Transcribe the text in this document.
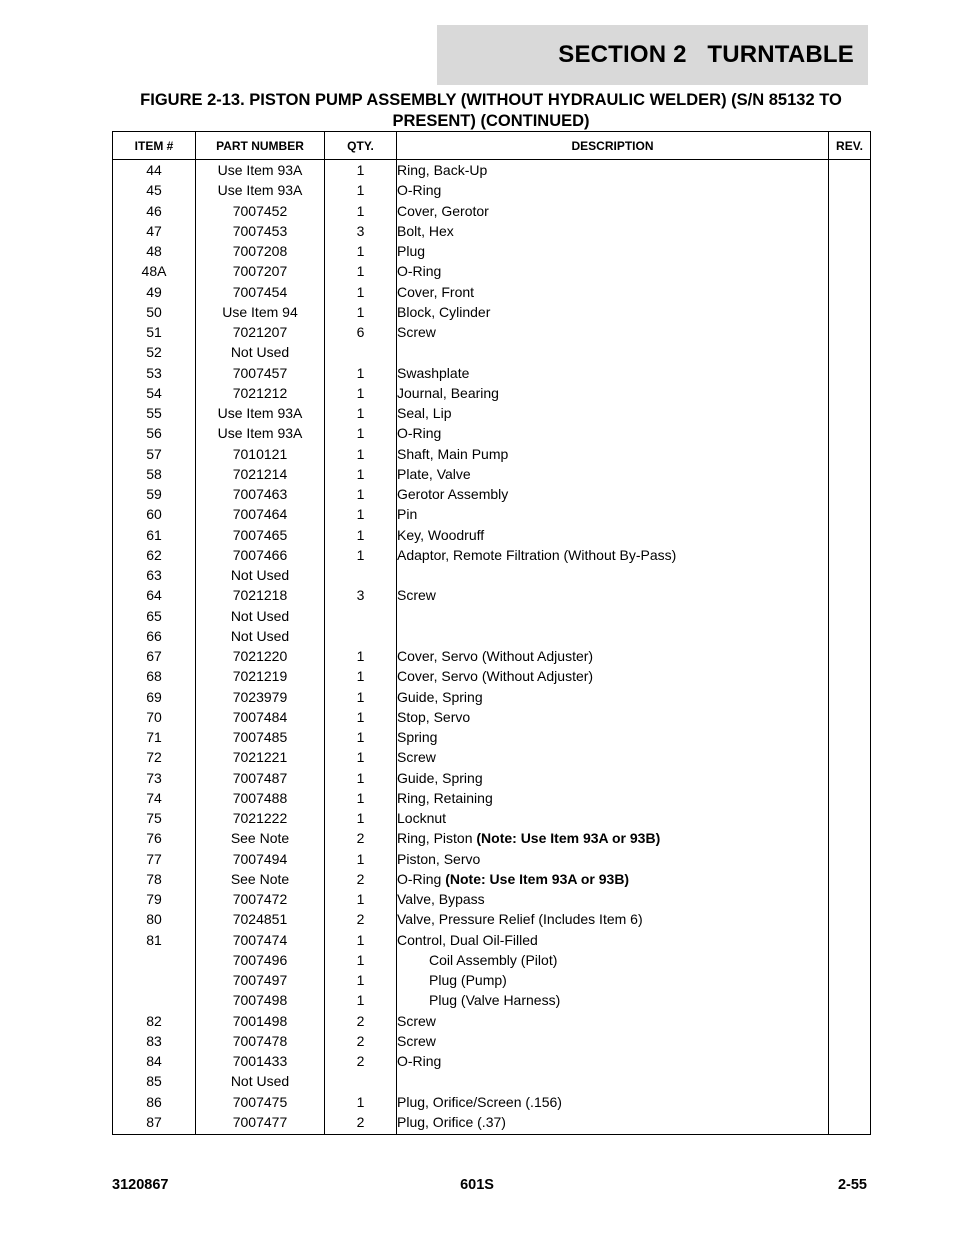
SECTION 2   TURNTABLE
FIGURE 2-13. PISTON PUMP ASSEMBLY (WITHOUT HYDRAULIC WELDER) (S/N 85132 TO PRESENT) (CONTINUED)
ITEM #	PART NUMBER	QTY.	DESCRIPTION	REV.
44	Use Item 93A	1	Ring, Back-Up	
45	Use Item 93A	1	O-Ring	
46	7007452	1	Cover, Gerotor	
47	7007453	3	Bolt, Hex	
48	7007208	1	Plug	
48A	7007207	1	O-Ring	
49	7007454	1	Cover, Front	
50	Use Item 94	1	Block, Cylinder	
51	7021207	6	Screw	
52	Not Used			
53	7007457	1	Swashplate	
54	7021212	1	Journal, Bearing	
55	Use Item 93A	1	Seal, Lip	
56	Use Item 93A	1	O-Ring	
57	7010121	1	Shaft, Main Pump	
58	7021214	1	Plate, Valve	
59	7007463	1	Gerotor Assembly	
60	7007464	1	Pin	
61	7007465	1	Key, Woodruff	
62	7007466	1	Adaptor, Remote Filtration (Without By-Pass)	
63	Not Used			
64	7021218	3	Screw	
65	Not Used			
66	Not Used			
67	7021220	1	Cover, Servo (Without Adjuster)	
68	7021219	1	Cover, Servo (Without Adjuster)	
69	7023979	1	Guide, Spring	
70	7007484	1	Stop, Servo	
71	7007485	1	Spring	
72	7021221	1	Screw	
73	7007487	1	Guide, Spring	
74	7007488	1	Ring, Retaining	
75	7021222	1	Locknut	
76	See Note	2	Ring, Piston (Note: Use Item 93A or 93B)	
77	7007494	1	Piston, Servo	
78	See Note	2	O-Ring (Note: Use Item 93A or 93B)	
79	7007472	1	Valve, Bypass	
80	7024851	2	Valve, Pressure Relief (Includes Item 6)	
81	7007474	1	Control, Dual Oil-Filled	
	7007496	1	Coil Assembly (Pilot)	
	7007497	1	Plug (Pump)	
	7007498	1	Plug (Valve Harness)	
82	7001498	2	Screw	
83	7007478	2	Screw	
84	7001433	2	O-Ring	
85	Not Used			
86	7007475	1	Plug, Orifice/Screen (.156)	
87	7007477	2	Plug, Orifice (.37)	
3120867	601S	2-55
